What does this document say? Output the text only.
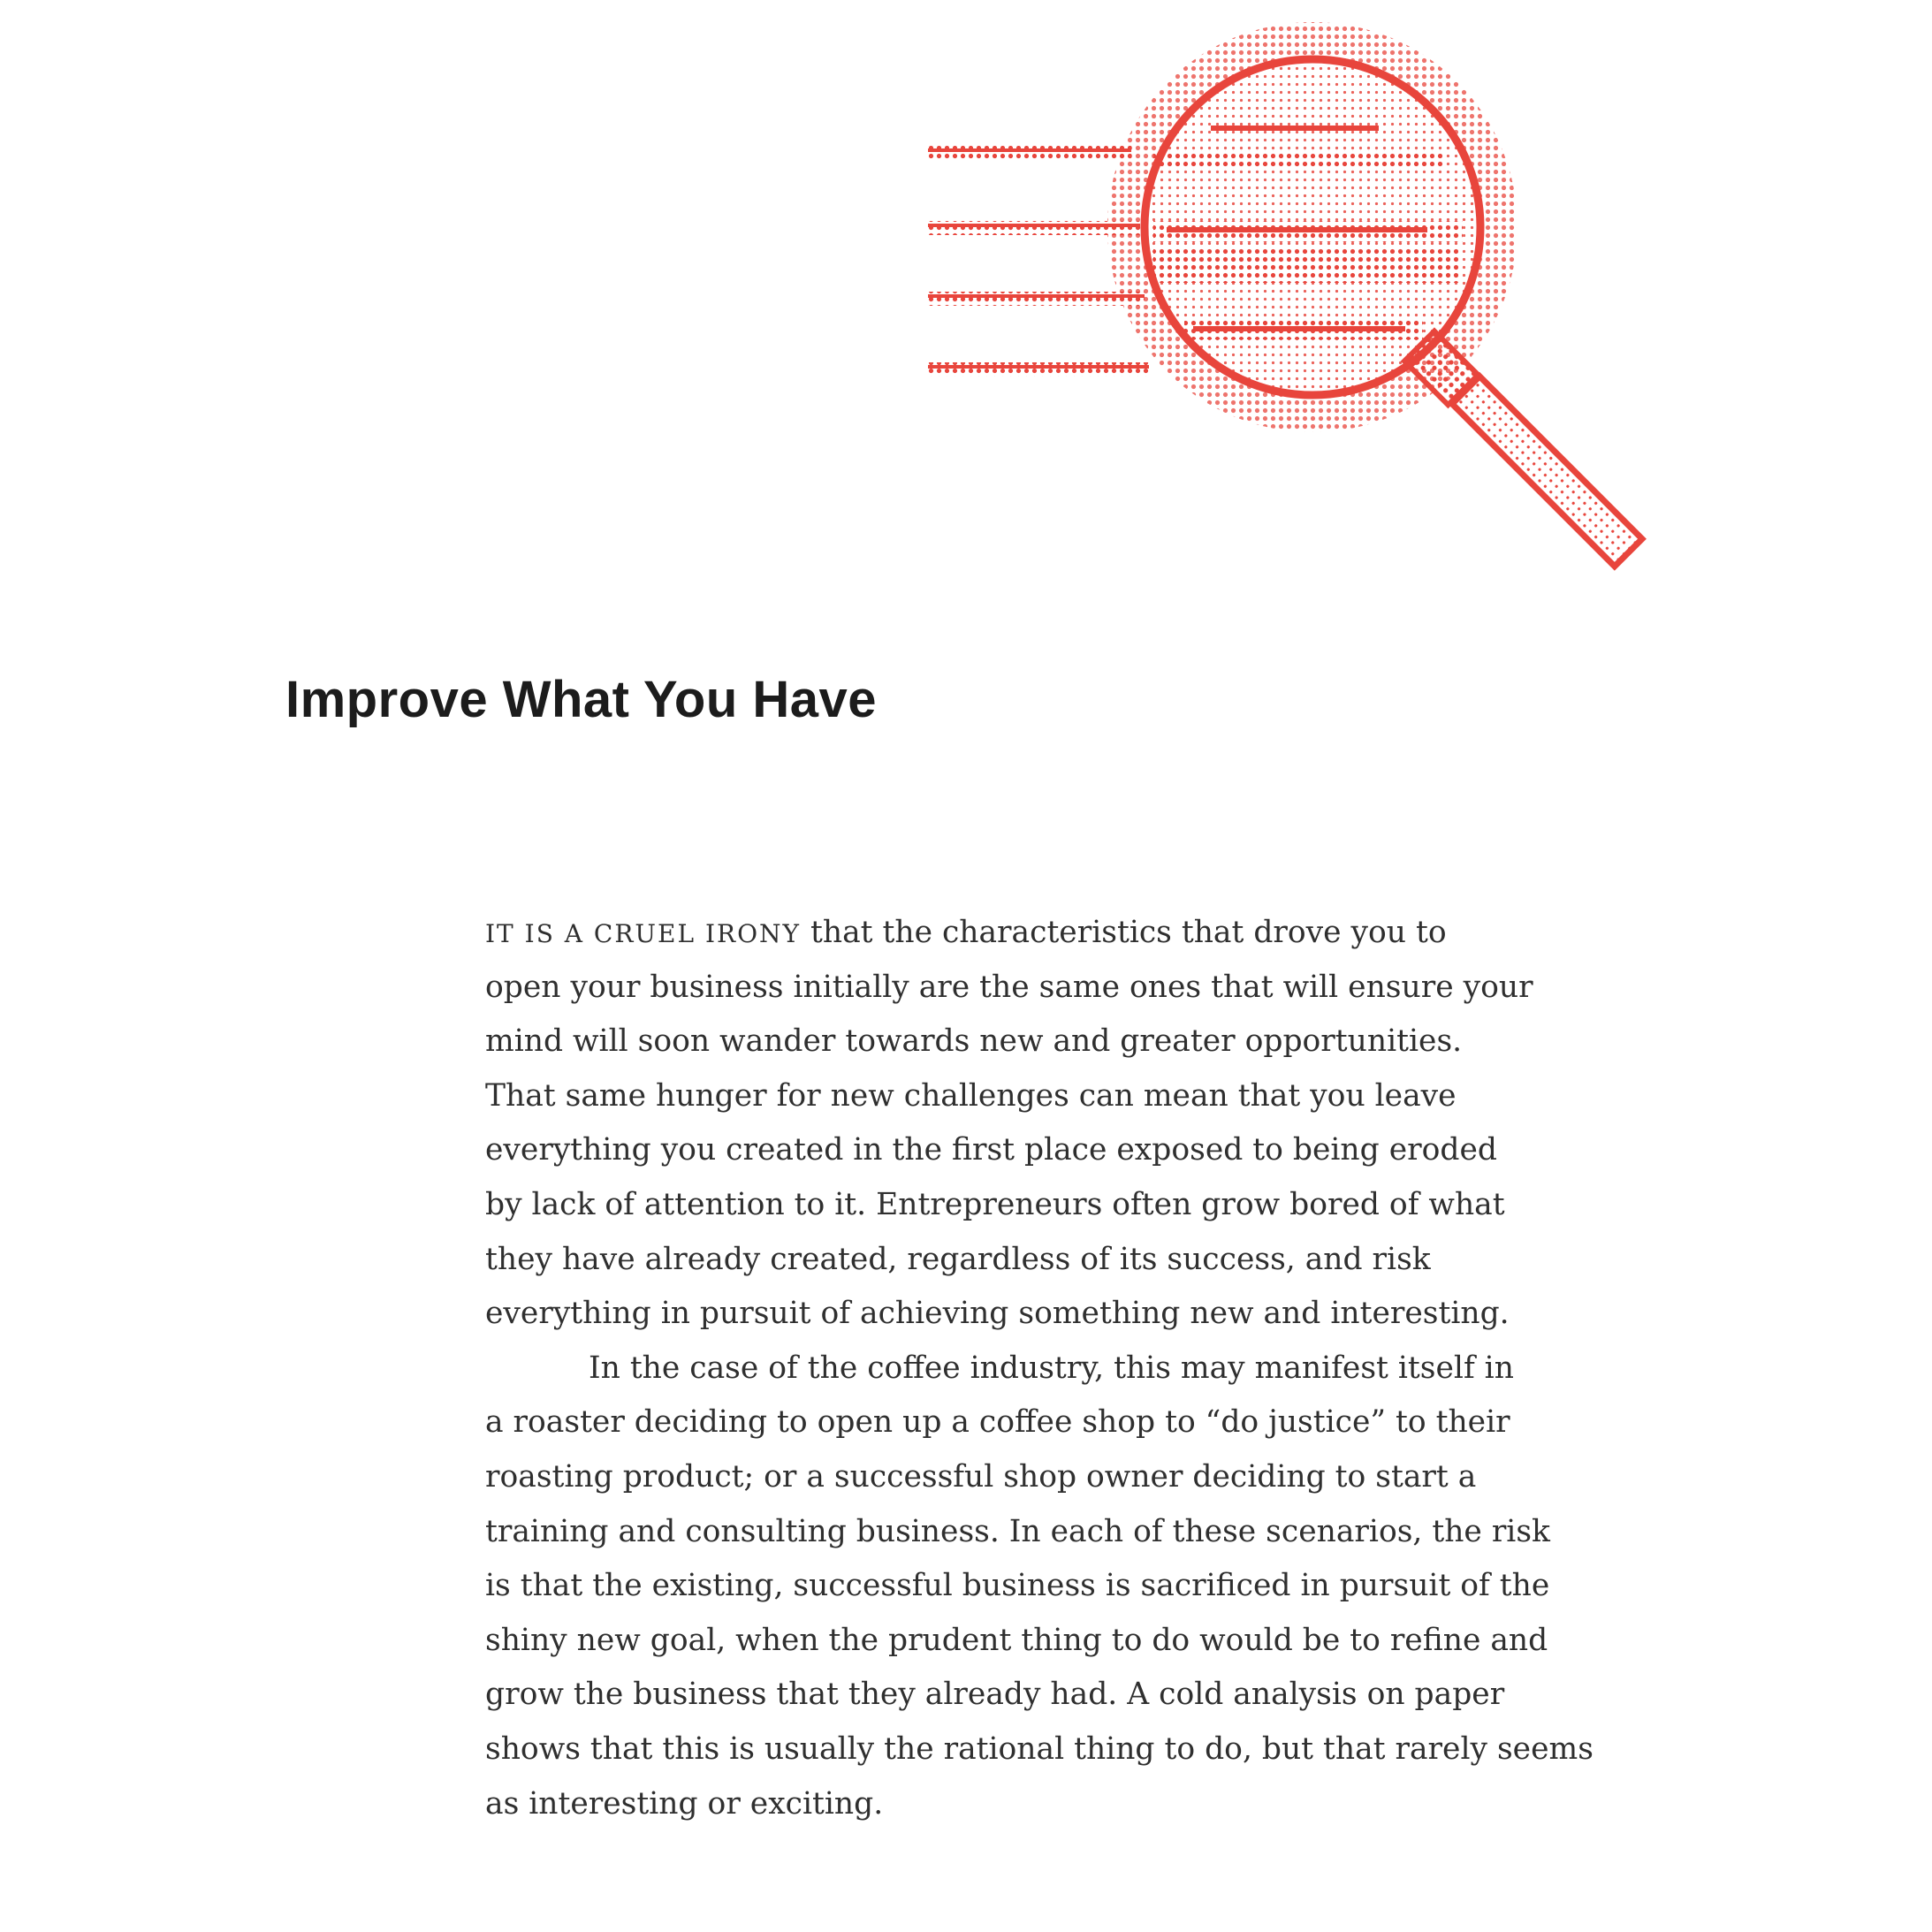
Improve What You Have
IT IS A CRUEL IRONY that the characteristics that drove you to
open your business initially are the same ones that will ensure your
mind will soon wander towards new and greater opportunities.
That same hunger for new challenges can mean that you leave
everything you created in the first place exposed to being eroded
by lack of attention to it. Entrepreneurs often grow bored of what
they have already created, regardless of its success, and risk
everything in pursuit of achieving something new and interesting.
In the case of the coffee industry, this may manifest itself in
a roaster deciding to open up a coffee shop to “do justice” to their
roasting product; or a successful shop owner deciding to start a
training and consulting business. In each of these scenarios, the risk
is that the existing, successful business is sacrificed in pursuit of the
shiny new goal, when the prudent thing to do would be to refine and
grow the business that they already had. A cold analysis on paper
shows that this is usually the rational thing to do, but that rarely seems
as interesting or exciting.
